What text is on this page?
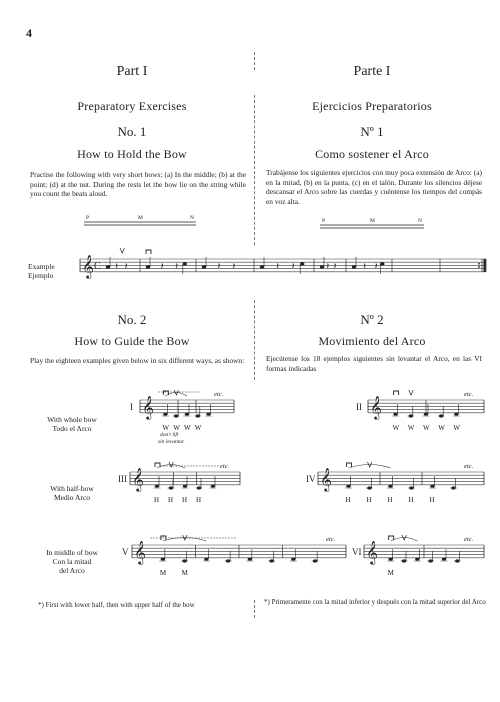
4
Part I
Preparatory Exercises
No. 1
How to Hold the Bow
Practise the following with very short bows; (a) In the middle; (b) at the point; (d) at the nut. During the rests let the bow lie on the string while you count the beats aloud.
No. 2
How to Guide the Bow
Play the eighteen examples given below in six different ways, as shown:
Parte I
Ejercicios Preparatorios
Nº 1
Como sostener el Arco
Trabájense los siguientes ejercicios con muy poca extensión de Arco: (a) en la mitad, (b) en la punta, (c) en el talón. Durante los silencios déjese descansar el Arco sobre las cuerdas y cuéntense los tiempos del compás en voz alta.
Nº 2
Movimiento del Arco
Ejecútense los 18 ejemplos siguientes sin levantar el Arco, en las VI formas indicadas
Example
Ejemplo
With whole bow
Todo el Arco
With half-bow
Medio Arco
In middle of bow
Con la mitad
del Arco
*) First with lower half, then with upper half of the bow	*) Primeramente con la mitad inferior y después con la mitad superior del Arco
P	M	N	P	M	N
𝄞 C 𝄽 𝄽	𝄽 𝄽	𝄽 𝄽	𝄽 𝄽	𝄽 𝄽	𝄽 𝄽
𝄞
I
etc.
W W W W
𝄞
II
etc.
W W W W W
don't lift
sin levantar
𝄞
III
etc.
H H H H
𝄞
IV
etc.
H H H H H
𝄞
V
etc.
M M
𝄞
VI
etc.
M
